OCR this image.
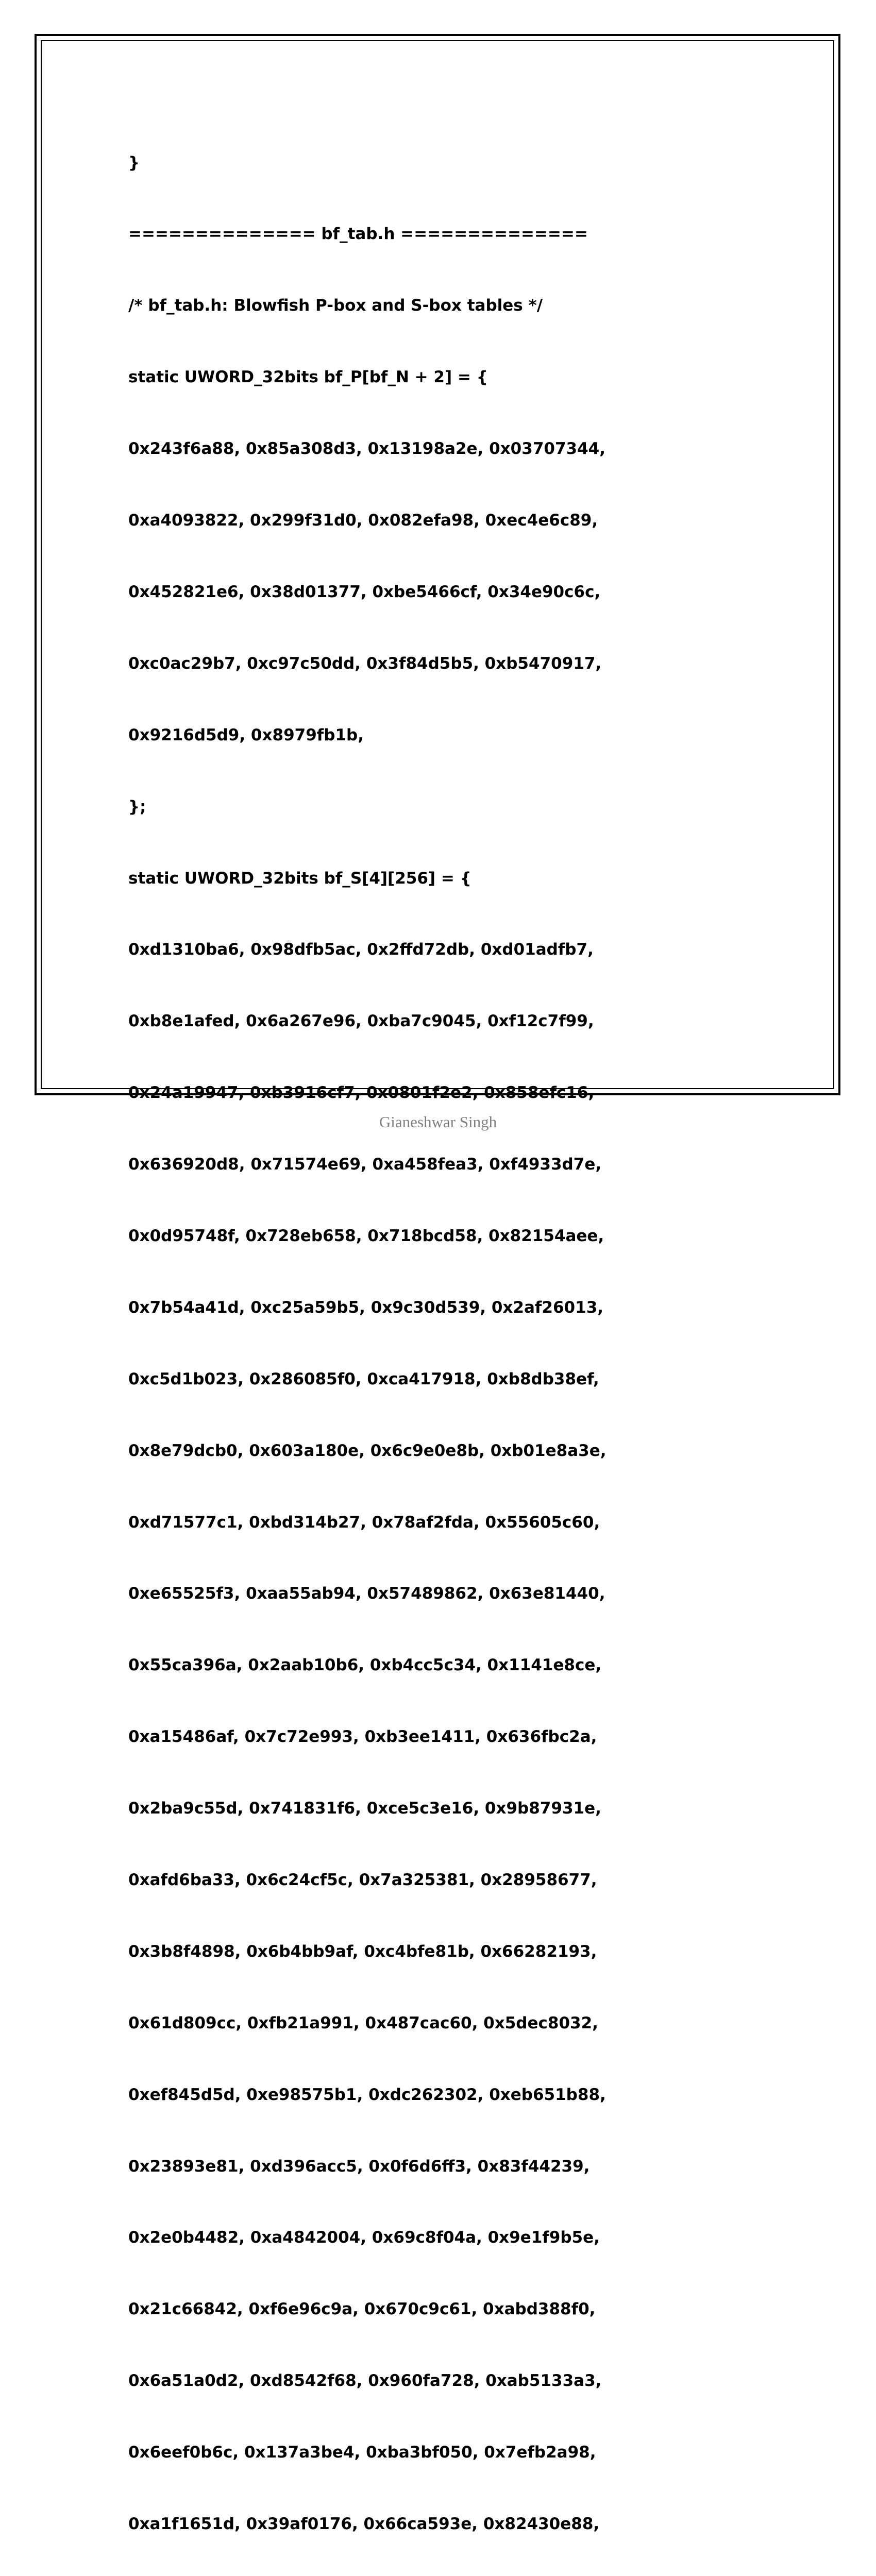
}

============== bf_tab.h ==============

/* bf_tab.h: Blowfish P-box and S-box tables */

static UWORD_32bits bf_P[bf_N + 2] = {

0x243f6a88, 0x85a308d3, 0x13198a2e, 0x03707344,

0xa4093822, 0x299f31d0, 0x082efa98, 0xec4e6c89,

0x452821e6, 0x38d01377, 0xbe5466cf, 0x34e90c6c,

0xc0ac29b7, 0xc97c50dd, 0x3f84d5b5, 0xb5470917,

0x9216d5d9, 0x8979fb1b,

};

static UWORD_32bits bf_S[4][256] = {

0xd1310ba6, 0x98dfb5ac, 0x2ffd72db, 0xd01adfb7,

0xb8e1afed, 0x6a267e96, 0xba7c9045, 0xf12c7f99,

0x24a19947, 0xb3916cf7, 0x0801f2e2, 0x858efc16,

0x636920d8, 0x71574e69, 0xa458fea3, 0xf4933d7e,

0x0d95748f, 0x728eb658, 0x718bcd58, 0x82154aee,

0x7b54a41d, 0xc25a59b5, 0x9c30d539, 0x2af26013,

0xc5d1b023, 0x286085f0, 0xca417918, 0xb8db38ef,

0x8e79dcb0, 0x603a180e, 0x6c9e0e8b, 0xb01e8a3e,

0xd71577c1, 0xbd314b27, 0x78af2fda, 0x55605c60,

0xe65525f3, 0xaa55ab94, 0x57489862, 0x63e81440,

0x55ca396a, 0x2aab10b6, 0xb4cc5c34, 0x1141e8ce,

0xa15486af, 0x7c72e993, 0xb3ee1411, 0x636fbc2a,

0x2ba9c55d, 0x741831f6, 0xce5c3e16, 0x9b87931e,

0xafd6ba33, 0x6c24cf5c, 0x7a325381, 0x28958677,

0x3b8f4898, 0x6b4bb9af, 0xc4bfe81b, 0x66282193,

0x61d809cc, 0xfb21a991, 0x487cac60, 0x5dec8032,

0xef845d5d, 0xe98575b1, 0xdc262302, 0xeb651b88,

0x23893e81, 0xd396acc5, 0x0f6d6ff3, 0x83f44239,

0x2e0b4482, 0xa4842004, 0x69c8f04a, 0x9e1f9b5e,

0x21c66842, 0xf6e96c9a, 0x670c9c61, 0xabd388f0,

0x6a51a0d2, 0xd8542f68, 0x960fa728, 0xab5133a3,

0x6eef0b6c, 0x137a3be4, 0xba3bf050, 0x7efb2a98,

0xa1f1651d, 0x39af0176, 0x66ca593e, 0x82430e88,

Gianeshwar Singh
